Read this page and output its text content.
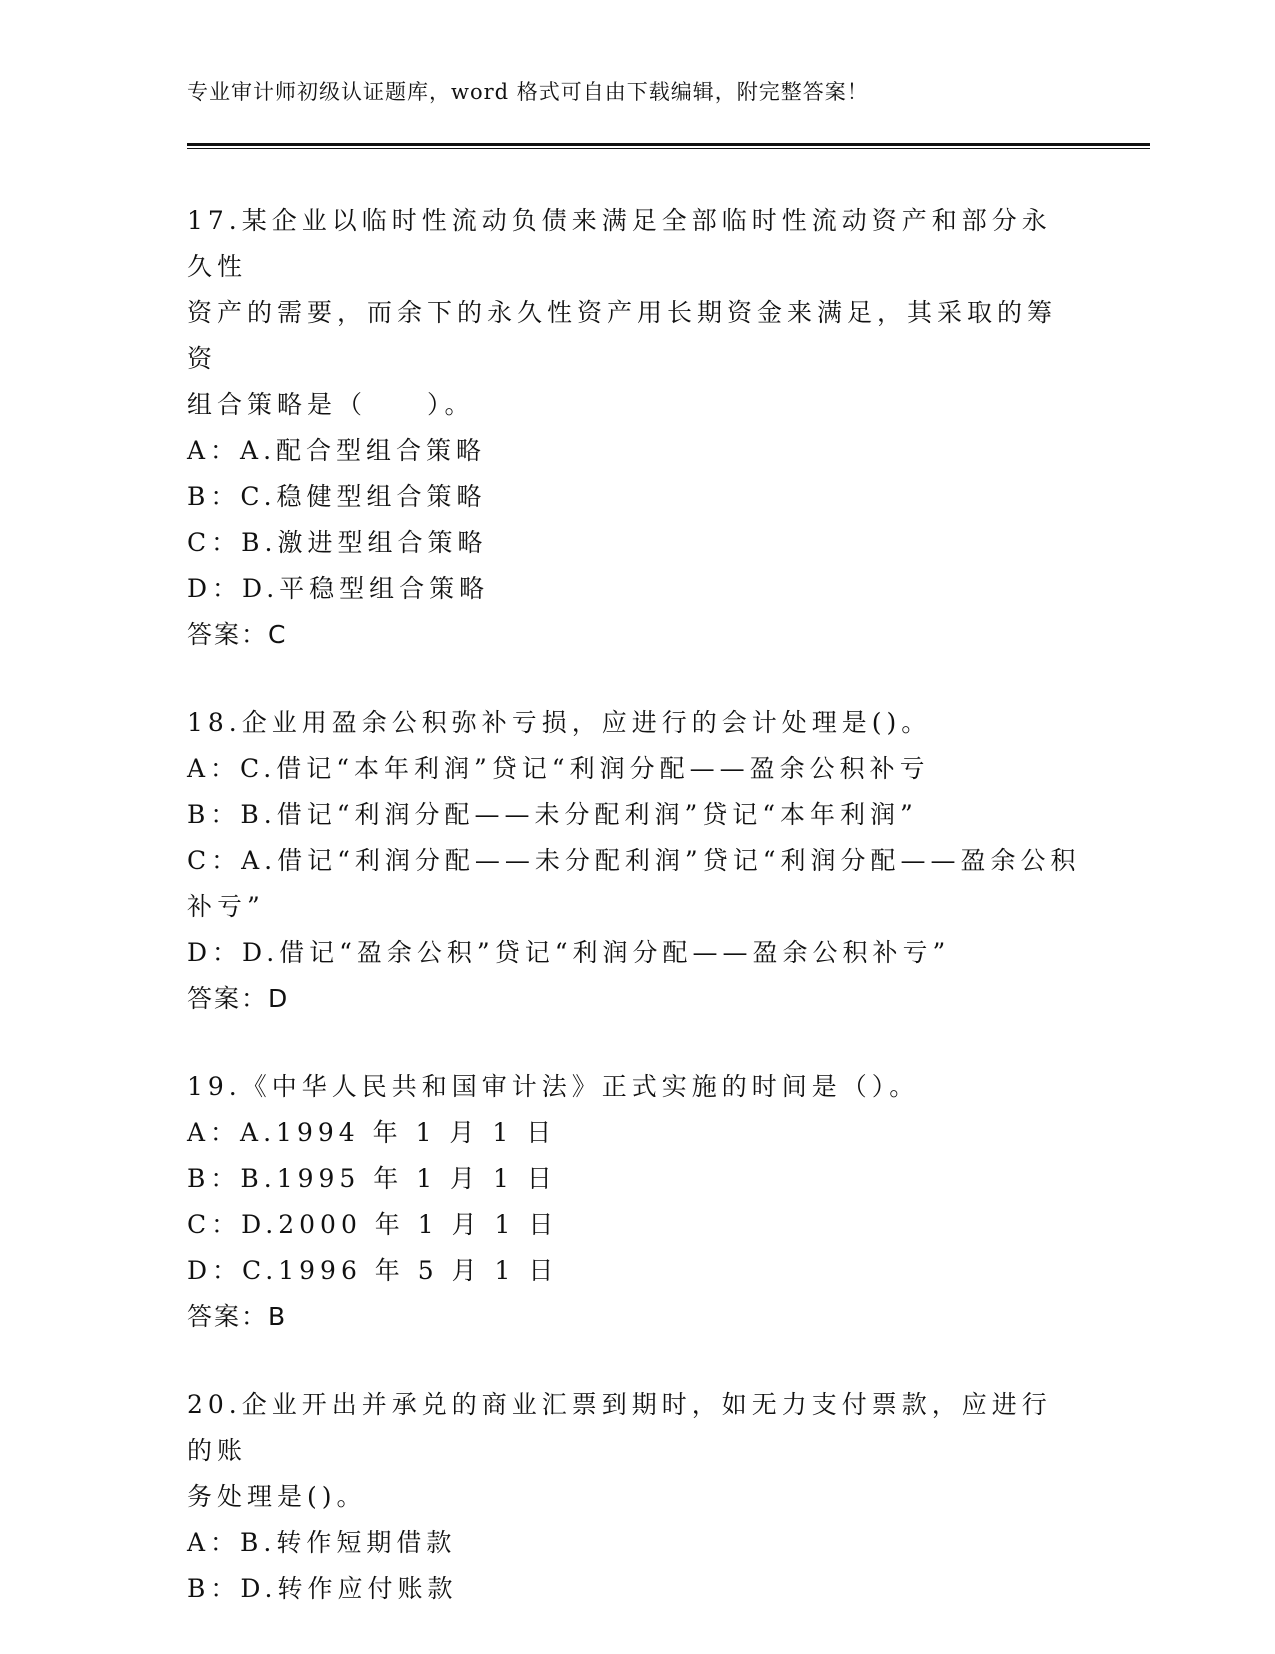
专业审计师初级认证题库，word 格式可自由下载编辑，附完整答案！
17.某企业以临时性流动负债来满足全部临时性流动资产和部分永久性
资产的需要，而余下的永久性资产用长期资金来满足，其采取的筹资
组合策略是（　　）。
A：A.配合型组合策略
B：C.稳健型组合策略
C：B.激进型组合策略
D：D.平稳型组合策略
答案：C
18.企业用盈余公积弥补亏损，应进行的会计处理是()。
A：C.借记“本年利润”贷记“利润分配——盈余公积补亏
B：B.借记“利润分配——未分配利润”贷记“本年利润”
C：A.借记“利润分配——未分配利润”贷记“利润分配——盈余公积
补亏”
D：D.借记“盈余公积”贷记“利润分配——盈余公积补亏”
答案：D
19.《中华人民共和国审计法》正式实施的时间是（）。
A：A.1994 年 1 月 1 日
B：B.1995 年 1 月 1 日
C：D.2000 年 1 月 1 日
D：C.1996 年 5 月 1 日
答案：B
20.企业开出并承兑的商业汇票到期时，如无力支付票款，应进行的账
务处理是()。
A：B.转作短期借款
B：D.转作应付账款
